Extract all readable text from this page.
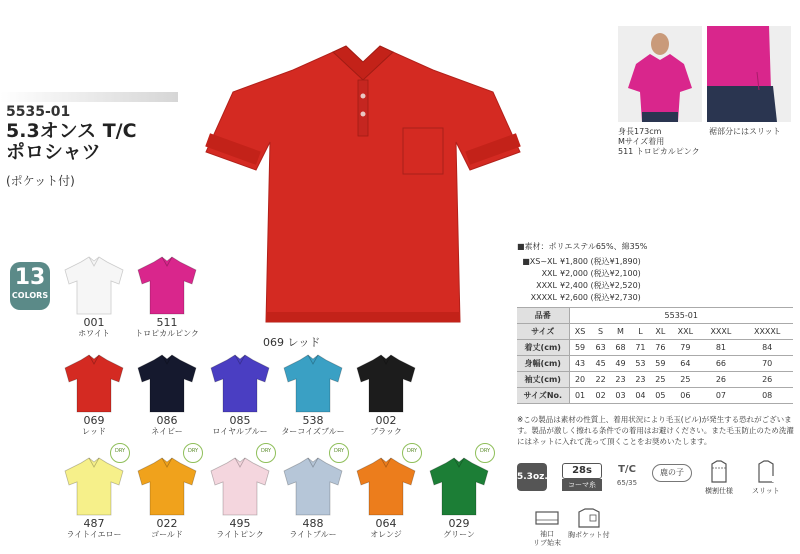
5535-01
5.3オンス T/C
ポロシャツ
(ポケット付)
13
COLORS
069 レッド
001
ホワイト
511
トロピカルピンク
069
レッド
086
ネイビー
085
ロイヤルブルー
538
ターコイズブルー
002
ブラック
487
ライトイエロー
DRY
022
ゴールド
DRY
495
ライトピンク
DRY
488
ライトブルー
DRY
064
オレンジ
DRY
029
グリーン
DRY
身長173cm
Mサイズ着用
511 トロピカルピンク
裾部分にはスリット
■素材：ポリエステル65%、綿35%
■XS~XL ¥1,800 (税込¥1,890)
XXL ¥2,000 (税込¥2,100)
XXXL ¥2,400 (税込¥2,520)
XXXXL ¥2,600 (税込¥2,730)
品番	5535-01							
サイズ	XS	S	M	L	XL	XXL	XXXL	XXXXL
着丈(cm)	59	63	68	71	76	79	81	84
身幅(cm)	43	45	49	53	59	64	66	70
袖丈(cm)	20	22	23	23	25	25	26	26
サイズNo.	01	02	03	04	05	06	07	08
※この製品は素材の性質上、着用状況により毛玉(ピル)が発生する恐れがございます。製品が激しく擦れる条件での着用はお避けください。また毛玉防止のため洗濯にはネットに入れて洗って頂くことをお奨めいたします。
5.3oz.
28s
コーマ糸
T/C
65/35
鹿の子
横割仕様	スリット
袖口
リブ始末
胸ポケット付
